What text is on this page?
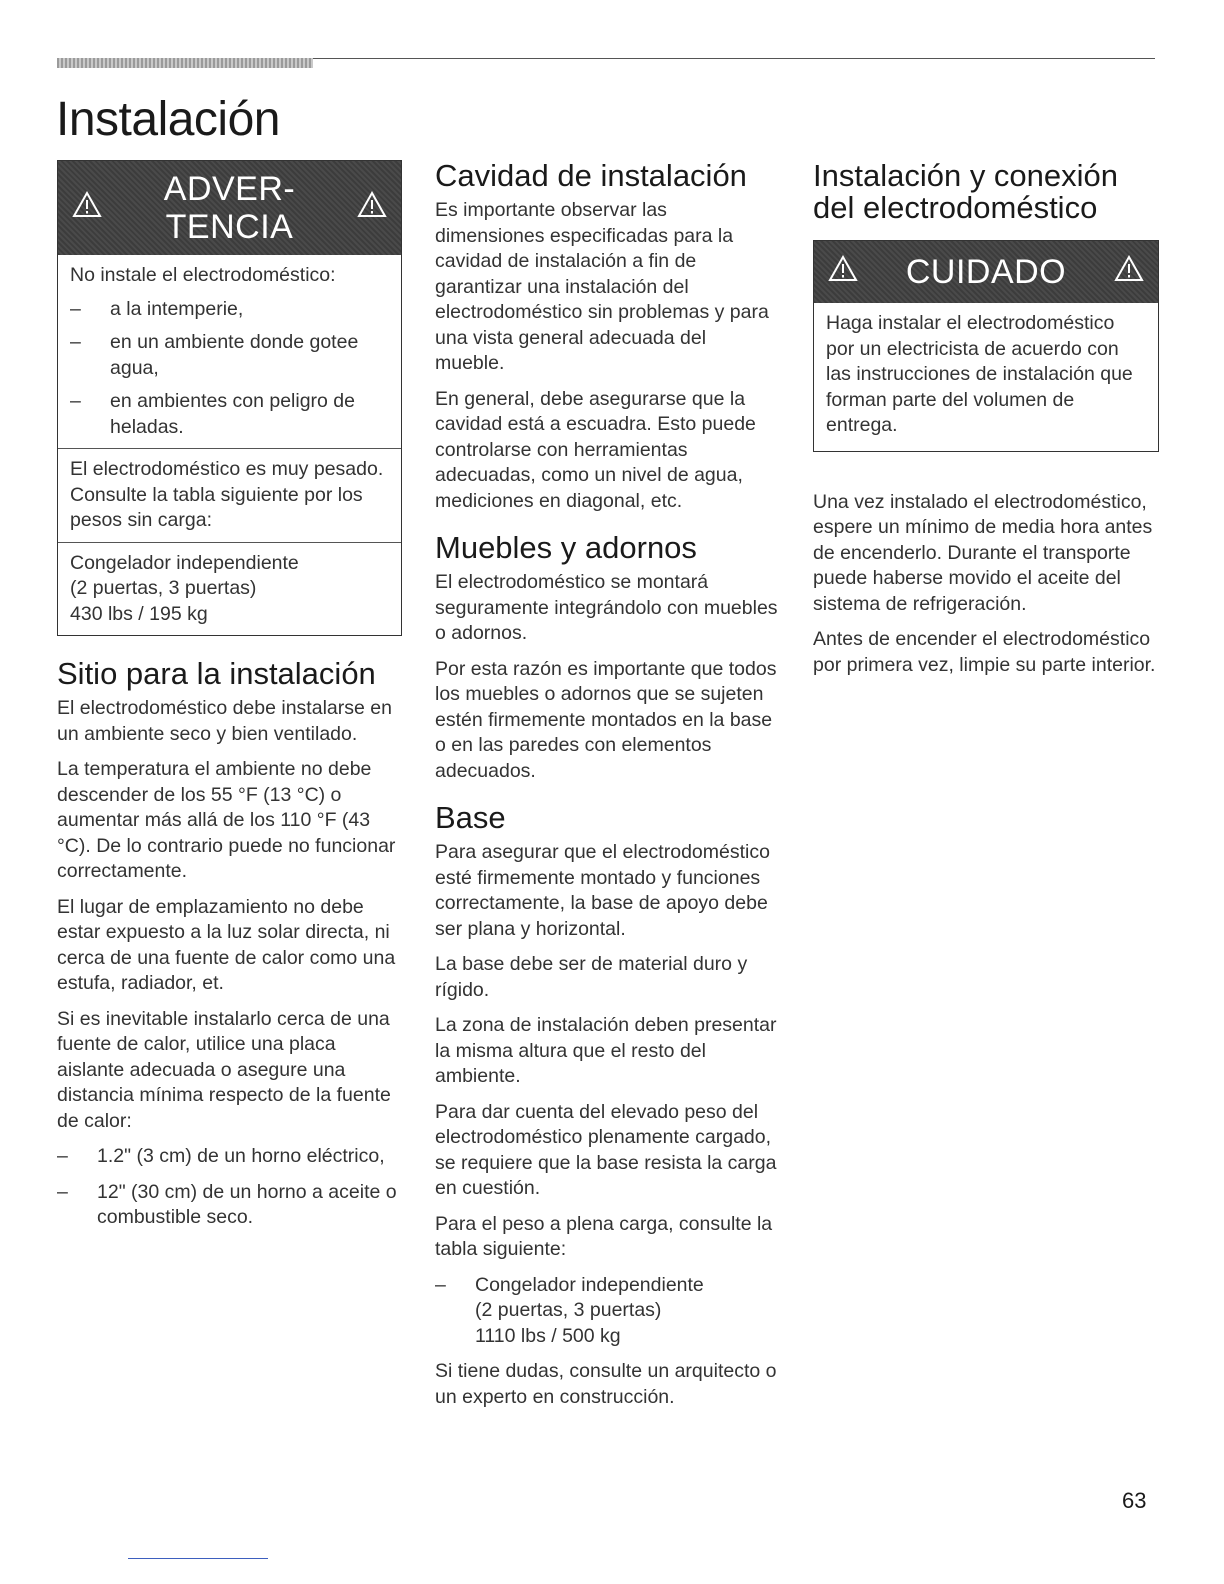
Instalación
ADVER-
TENCIA

No instale el electrodoméstico:

–	a la intemperie,
–	en un ambiente donde gotee agua,
–	en ambientes con peligro de heladas.

El electrodoméstico es muy pesado. Consulte la tabla siguiente por los pesos sin carga:

Congelador independiente
(2 puertas, 3 puertas)
430 lbs / 195 kg
Sitio para la instalación

El electrodoméstico debe instalarse en un ambiente seco y bien ventilado.

La temperatura el ambiente no debe descender de los 55 °F (13 °C) o aumentar más allá de los 110 °F (43 °C). De lo contrario puede no funcionar correctamente.

El lugar de emplazamiento no debe estar expuesto a la luz solar directa, ni cerca de una fuente de calor como una estufa, radiador, et.

Si es inevitable instalarlo cerca de una fuente de calor, utilice una placa aislante adecuada o asegure una distancia mínima respecto de la fuente de calor:

–	1.2" (3 cm) de un horno eléctrico,
–	12" (30 cm) de un horno a aceite o combustible seco.
Cavidad de instalación

Es importante observar las dimensiones especificadas para la cavidad de instalación a fin de garantizar una instalación del electrodoméstico sin problemas y para una vista general adecuada del mueble.

En general, debe asegurarse que la cavidad está a escuadra. Esto puede controlarse con herramientas adecuadas, como un nivel de agua, mediciones en diagonal, etc.

Muebles y adornos

El electrodoméstico se montará seguramente integrándolo con muebles o adornos.

Por esta razón es importante que todos los muebles o adornos que se sujeten estén firmemente montados en la base o en las paredes con elementos adecuados.

Base

Para asegurar que el electrodoméstico esté firmemente montado y funciones correctamente, la base de apoyo debe ser plana y horizontal.

La base debe ser de material duro y rígido.

La zona de instalación deben presentar la misma altura que el resto del ambiente.

Para dar cuenta del elevado peso del electrodoméstico plenamente cargado, se requiere que la base resista la carga en cuestión.

Para el peso a plena carga, consulte la tabla siguiente:

–	Congelador independiente
(2 puertas, 3 puertas)
1110 lbs / 500 kg

Si tiene dudas, consulte un arquitecto o un experto en construcción.

Instalación y conexión del electrodoméstico
CUIDADO

Haga instalar el electrodoméstico por un electricista de acuerdo con las instrucciones de instalación que forman parte del volumen de entrega.

Una vez instalado el electrodoméstico, espere un mínimo de media hora antes de encenderlo. Durante el transporte puede haberse movido el aceite del sistema de refrigeración.

Antes de encender el electrodoméstico por primera vez, limpie su parte interior.

63
